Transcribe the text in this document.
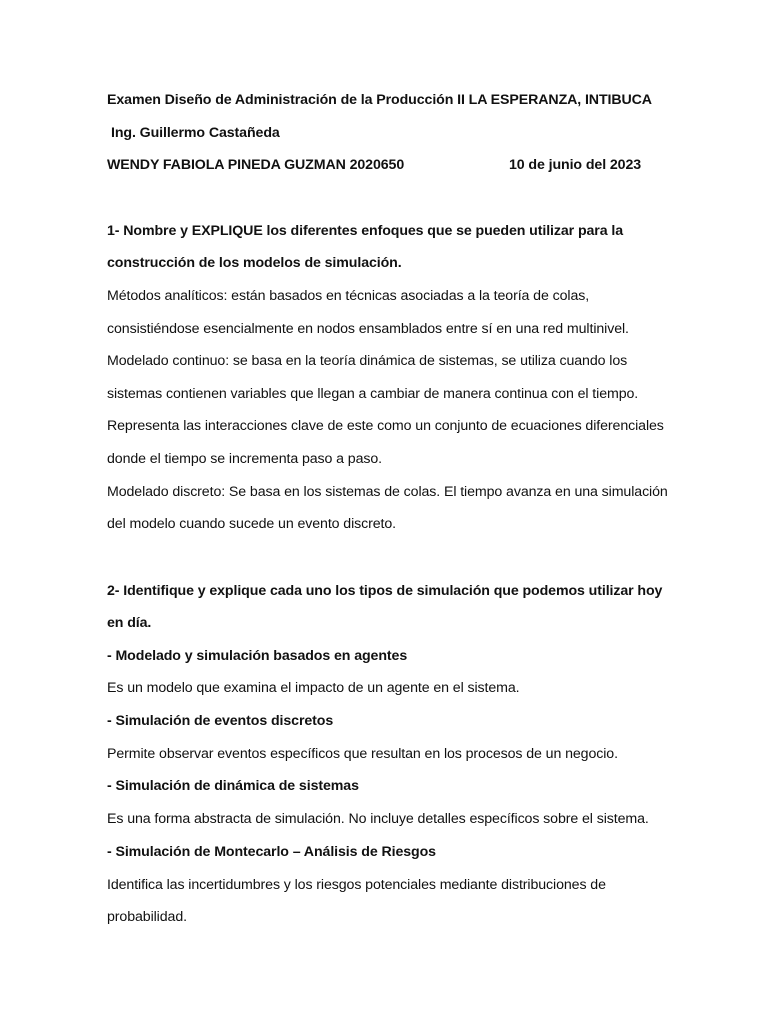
Examen Diseño de Administración de la Producción II LA ESPERANZA, INTIBUCA
Ing. Guillermo Castañeda
WENDY FABIOLA PINEDA GUZMAN 2020650	10 de junio del 2023
1- Nombre y EXPLIQUE los diferentes enfoques que se pueden utilizar para la
construcción de los modelos de simulación.
Métodos analíticos: están basados en técnicas asociadas a la teoría de colas,
consistiéndose esencialmente en nodos ensamblados entre sí en una red multinivel.
Modelado continuo: se basa en la teoría dinámica de sistemas, se utiliza cuando los
sistemas contienen variables que llegan a cambiar de manera continua con el tiempo.
Representa las interacciones clave de este como un conjunto de ecuaciones diferenciales
donde el tiempo se incrementa paso a paso.
Modelado discreto: Se basa en los sistemas de colas. El tiempo avanza en una simulación
del modelo cuando sucede un evento discreto.
2- Identifique y explique cada uno los tipos de simulación que podemos utilizar hoy
en día.
- Modelado y simulación basados en agentes
Es un modelo que examina el impacto de un agente en el sistema.
- Simulación de eventos discretos
Permite observar eventos específicos que resultan en los procesos de un negocio.
- Simulación de dinámica de sistemas
Es una forma abstracta de simulación. No incluye detalles específicos sobre el sistema.
- Simulación de Montecarlo – Análisis de Riesgos
Identifica las incertidumbres y los riesgos potenciales mediante distribuciones de
probabilidad.
